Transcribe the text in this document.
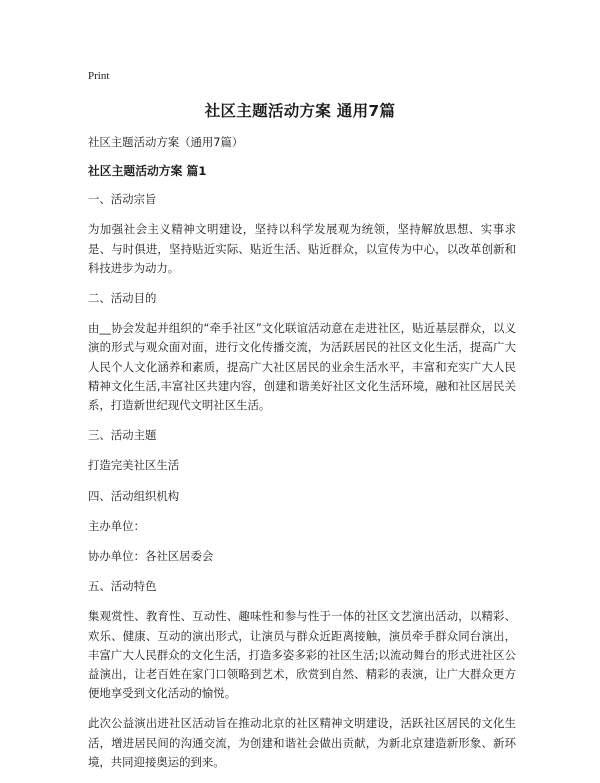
Print
社区主题活动方案 通用7篇

社区主题活动方案（通用7篇）

社区主题活动方案 篇1

一、活动宗旨

为加强社会主义精神文明建设，坚持以科学发展观为统领，坚持解放思想、实事求是、与时俱进，坚持贴近实际、贴近生活、贴近群众，以宣传为中心，以改革创新和科技进步为动力。

二、活动目的

由__协会发起并组织的“牵手社区”文化联谊活动意在走进社区，贴近基层群众，以义演的形式与观众面对面，进行文化传播交流，为活跃居民的社区文化生活，提高广大人民个人文化涵养和素质，提高广大社区居民的业余生活水平，丰富和充实广大人民精神文化生活,丰富社区共建内容，创建和谐美好社区文化生活环境，融和社区居民关系，打造新世纪现代文明社区生活。

三、活动主题

打造完美社区生活

四、活动组织机构

主办单位：

协办单位：各社区居委会

五、活动特色

集观赏性、教育性、互动性、趣味性和参与性于一体的社区文艺演出活动，以精彩、欢乐、健康、互动的演出形式，让演员与群众近距离接触，演员牵手群众同台演出，丰富广大人民群众的文化生活，打造多姿多彩的社区生活;以流动舞台的形式进社区公益演出，让老百姓在家门口领略到艺术，欣赏到自然、精彩的表演，让广大群众更方便地享受到文化活动的愉悦。

此次公益演出进社区活动旨在推动北京的社区精神文明建设，活跃社区居民的文化生活，增进居民间的沟通交流，为创建和谐社会做出贡献，为新北京建造新形象、新环境，共同迎接奥运的到来。
